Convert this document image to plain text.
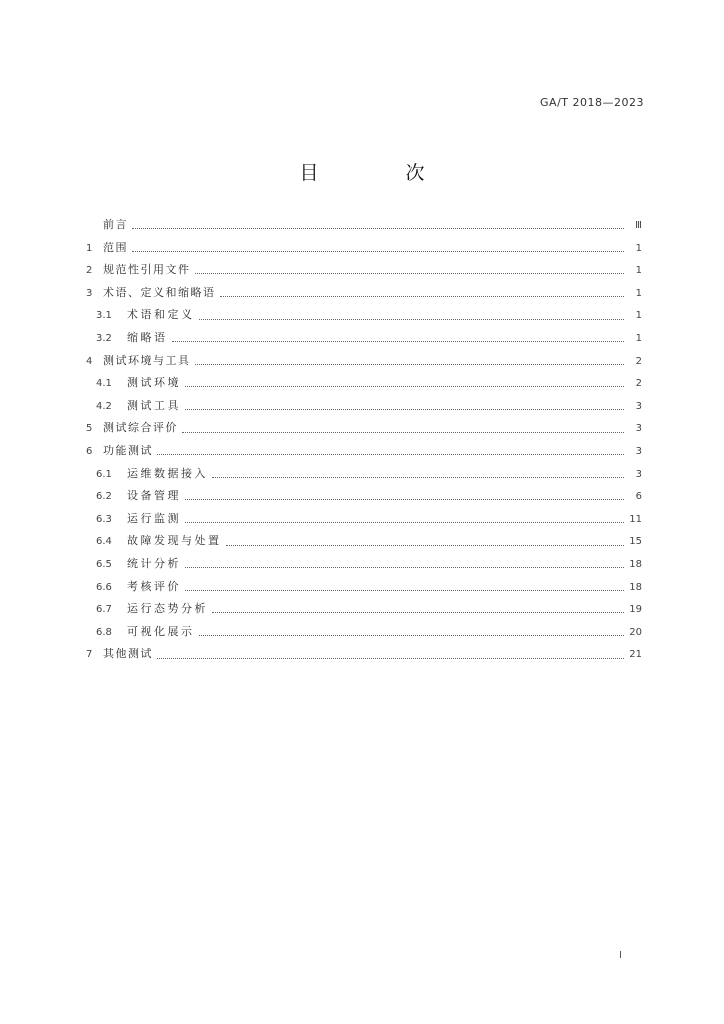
GA/T 2018—2023
目　次
前言	Ⅲ
1 范围	1
2 规范性引用文件	1
3 术语、定义和缩略语	1
3.1	术语和定义	1
3.2	缩略语	1
4 测试环境与工具	2
4.1	测试环境	2
4.2	测试工具	3
5 测试综合评价	3
6 功能测试	3
6.1	运维数据接入	3
6.2	设备管理	6
6.3	运行监测	11
6.4	故障发现与处置	15
6.5	统计分析	18
6.6	考核评价	18
6.7	运行态势分析	19
6.8	可视化展示	20
7 其他测试	21
I
